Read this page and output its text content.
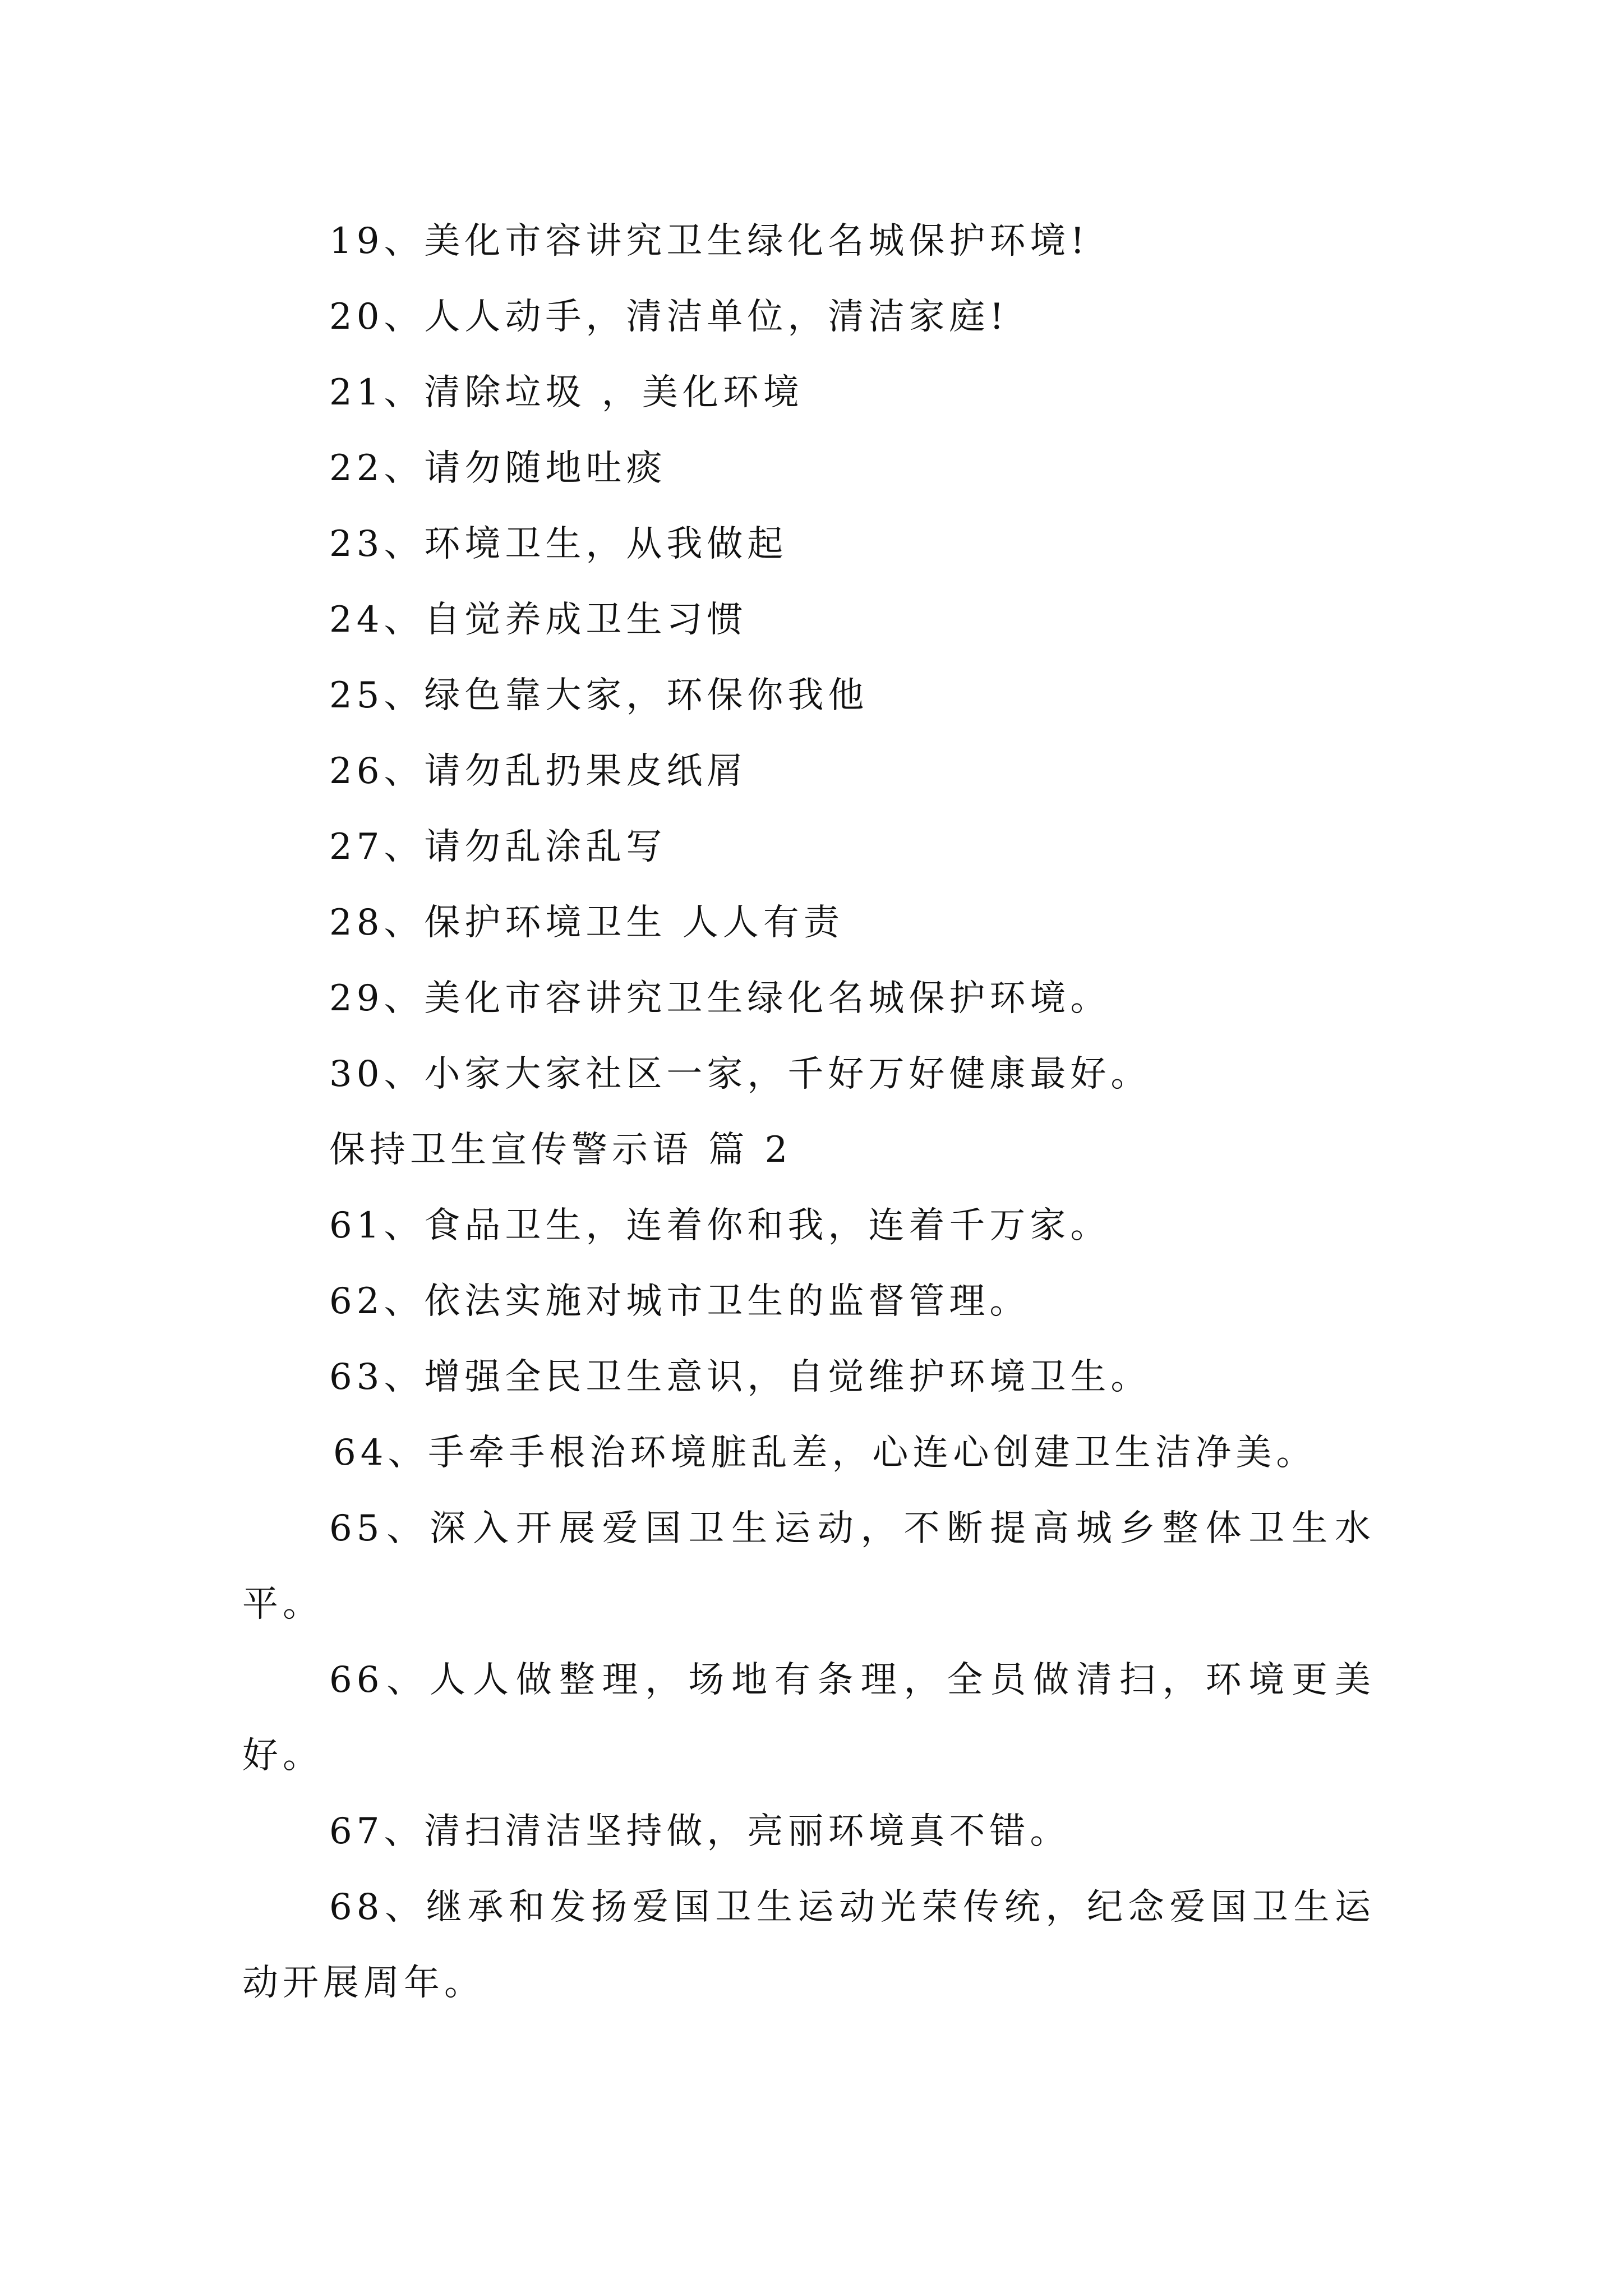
19、美化市容讲究卫生绿化名城保护环境!
20、人人动手，清洁单位，清洁家庭!
21、清除垃圾 ，美化环境
22、请勿随地吐痰
23、环境卫生，从我做起
24、自觉养成卫生习惯
25、绿色靠大家，环保你我他
26、请勿乱扔果皮纸屑
27、请勿乱涂乱写
28、保护环境卫生 人人有责
29、美化市容讲究卫生绿化名城保护环境。
30、小家大家社区一家，千好万好健康最好。
保持卫生宣传警示语 篇 2
61、食品卫生，连着你和我，连着千万家。
62、依法实施对城市卫生的监督管理。
63、增强全民卫生意识，自觉维护环境卫生。
64、手牵手根治环境脏乱差，心连心创建卫生洁净美。
65、深入开展爱国卫生运动，不断提高城乡整体卫生水平。
66、人人做整理，场地有条理，全员做清扫，环境更美好。
67、清扫清洁坚持做，亮丽环境真不错。
68、继承和发扬爱国卫生运动光荣传统，纪念爱国卫生运动开展周年。
